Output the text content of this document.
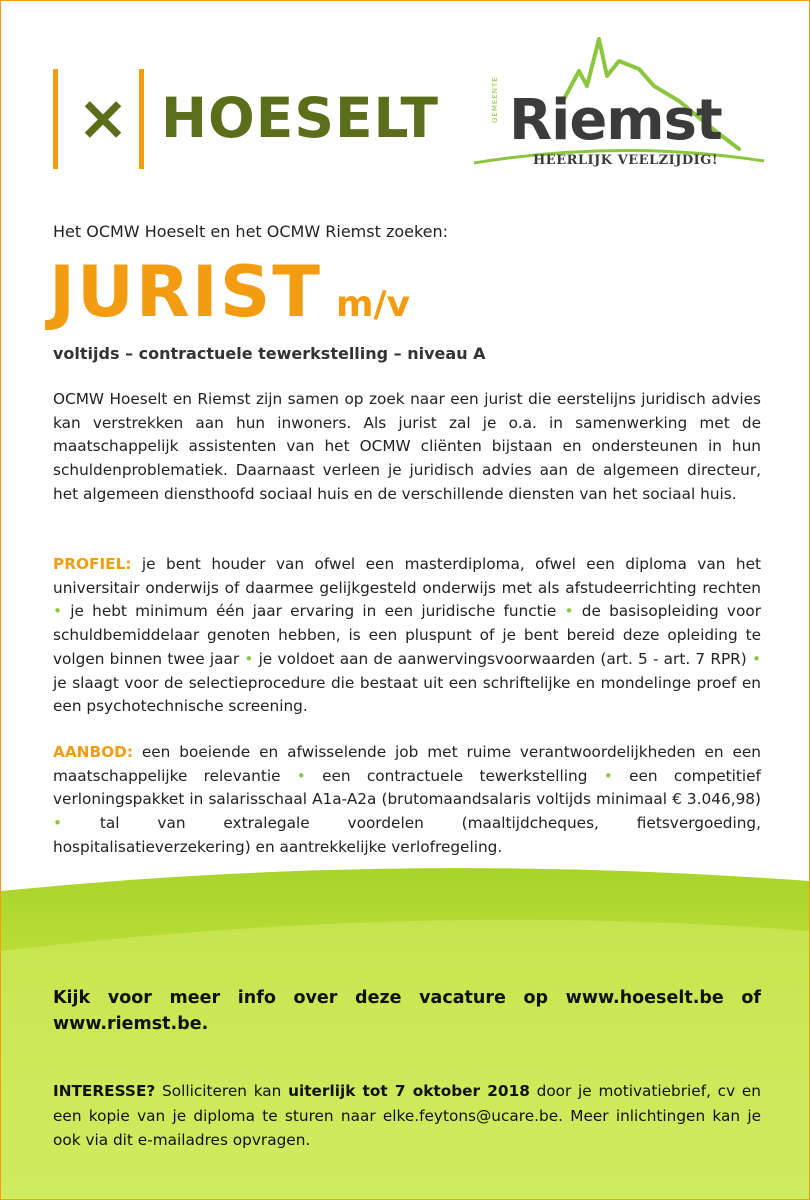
× HOESELT	GEMEENTE Riemst
HEERLIJK VEELZIJDIG!
Het OCMW Hoeselt en het OCMW Riemst zoeken:
JURIST m/v
voltijds – contractuele tewerkstelling – niveau A
OCMW Hoeselt en Riemst zijn samen op zoek naar een jurist die eerstelijns juridisch advies kan verstrekken aan hun inwoners. Als jurist zal je o.a. in samenwerking met de maatschappelijk assistenten van het OCMW cliënten bijstaan en ondersteunen in hun schuldenproblematiek. Daarnaast verleen je juridisch advies aan de algemeen directeur, het algemeen diensthoofd sociaal huis en de verschillende diensten van het sociaal huis.
PROFIEL: je bent houder van ofwel een masterdiploma, ofwel een diploma van het universitair onderwijs of daarmee gelijkgesteld onderwijs met als afstudeerrichting rechten • je hebt minimum één jaar ervaring in een juridische functie • de basisopleiding voor schuldbemiddelaar genoten hebben, is een pluspunt of je bent bereid deze opleiding te volgen binnen twee jaar • je voldoet aan de aanwervingsvoorwaarden (art. 5 - art. 7 RPR) • je slaagt voor de selectieprocedure die bestaat uit een schriftelijke en mondelinge proef en een psychotechnische screening.
AANBOD: een boeiende en afwisselende job met ruime verantwoordelijkheden en een maatschappelijke relevantie • een contractuele tewerkstelling • een competitief verloningspakket in salarisschaal A1a-A2a (brutomaandsalaris voltijds minimaal € 3.046,98) • tal van extralegale voordelen (maaltijdcheques, fietsvergoeding, hospitalisatieverzekering) en aantrekkelijke verlofregeling.
Kijk voor meer info over deze vacature op www.hoeselt.be of www.riemst.be.
INTERESSE? Solliciteren kan uiterlijk tot 7 oktober 2018 door je motivatiebrief, cv en een kopie van je diploma te sturen naar elke.feytons@ucare.be. Meer inlichtingen kan je ook via dit e-mailadres opvragen.
